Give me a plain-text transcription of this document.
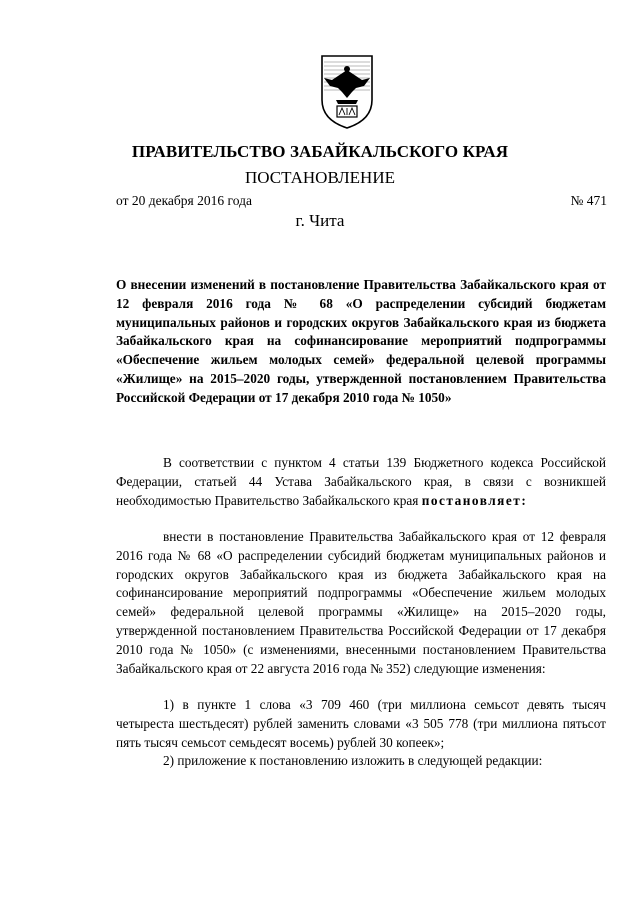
ПРАВИТЕЛЬСТВО ЗАБАЙКАЛЬСКОГО КРАЯ
ПОСТАНОВЛЕНИЕ
от 20 декабря 2016 года	№ 471
г. Чита
О внесении изменений в постановление Правительства Забайкальского края от 12 февраля 2016 года № 68 «О распределении субсидий бюджетам муниципальных районов и городских округов Забайкальского края из бюджета Забайкальского края на софинансирование мероприятий подпрограммы «Обеспечение жильем молодых семей» федеральной целевой программы «Жилище» на 2015–2020 годы, утвержденной постановлением Правительства Российской Федерации от 17 декабря 2010 года № 1050»
В соответствии с пунктом 4 статьи 139 Бюджетного кодекса Российской Федерации, статьей 44 Устава Забайкальского края, в связи с возникшей необходимостью Правительство Забайкальского края постановляет:
внести в постановление Правительства Забайкальского края от 12 февраля 2016 года № 68 «О распределении субсидий бюджетам муниципальных районов и городских округов Забайкальского края из бюджета Забайкальского края на софинансирование мероприятий подпрограммы «Обеспечение жильем молодых семей» федеральной целевой программы «Жилище» на 2015–2020 годы, утвержденной постановлением Правительства Российской Федерации от 17 декабря 2010 года № 1050» (с изменениями, внесенными постановлением Правительства Забайкальского края от 22 августа 2016 года № 352) следующие изменения:
1) в пункте 1 слова «3 709 460 (три миллиона семьсот девять тысяч четыреста шестьдесят) рублей заменить словами «3 505 778 (три миллиона пятьсот пять тысяч семьсот семьдесят восемь) рублей 30 копеек»;
2) приложение к постановлению изложить в следующей редакции:
